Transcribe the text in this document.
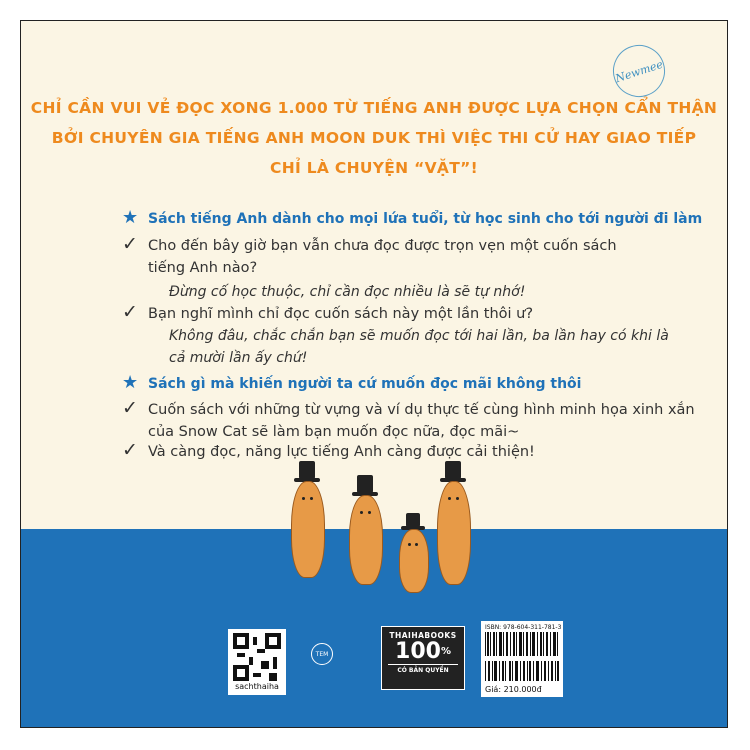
Newmee
CHỈ CẦN VUI VẺ ĐỌC XONG 1.000 TỪ TIẾNG ANH ĐƯỢC LỰA CHỌN CẨN THẬN
BỞI CHUYÊN GIA TIẾNG ANH MOON DUK THÌ VIỆC THI CỬ HAY GIAO TIẾP
CHỈ LÀ CHUYỆN “VẶT”!
★ Sách tiếng Anh dành cho mọi lứa tuổi, từ học sinh cho tới người đi làm
✓ Cho đến bây giờ bạn vẫn chưa đọc được trọn vẹn một cuốn sách
tiếng Anh nào?
Đừng cố học thuộc, chỉ cần đọc nhiều là sẽ tự nhớ!
✓ Bạn nghĩ mình chỉ đọc cuốn sách này một lần thôi ư?
Không đâu, chắc chắn bạn sẽ muốn đọc tới hai lần, ba lần hay có khi là
cả mười lần ấy chứ!
★ Sách gì mà khiến người ta cứ muốn đọc mãi không thôi
✓ Cuốn sách với những từ vựng và ví dụ thực tế cùng hình minh họa xinh xắn
của Snow Cat sẽ làm bạn muốn đọc nữa, đọc mãi~
✓ Và càng đọc, năng lực tiếng Anh càng được cải thiện!
sachthaiha
TEM
THAIHABOOKS
100%
CÓ BẢN QUYỀN
ISBN: 978-604-311-781-3
Giá: 210.000đ
